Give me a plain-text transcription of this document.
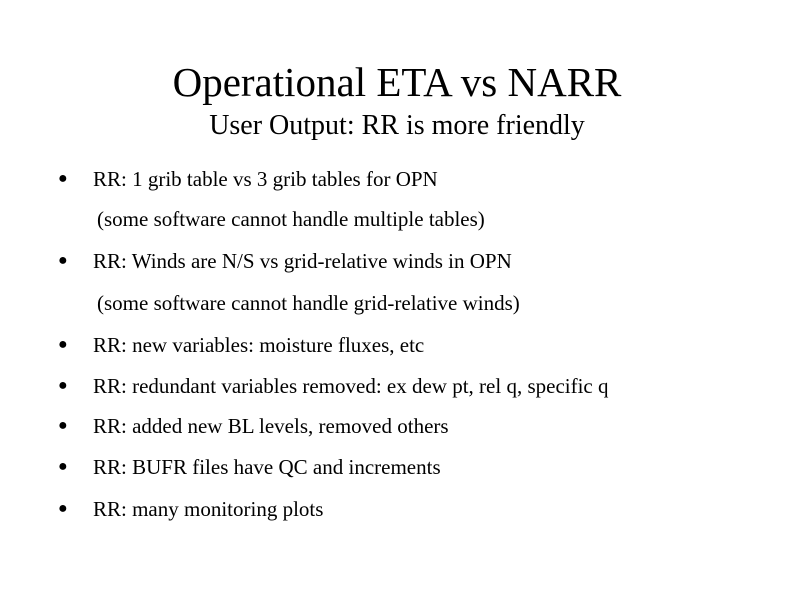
Operational ETA vs NARR
User Output: RR is more friendly
● RR: 1 grib table vs 3 grib tables for OPN
(some software cannot handle multiple tables)
● RR: Winds are N/S vs grid-relative winds in OPN
(some software cannot handle grid-relative winds)
● RR: new variables: moisture fluxes, etc
● RR: redundant variables removed: ex dew pt, rel q, specific q
● RR: added new BL levels, removed others
● RR: BUFR files have QC and increments
● RR: many monitoring plots
